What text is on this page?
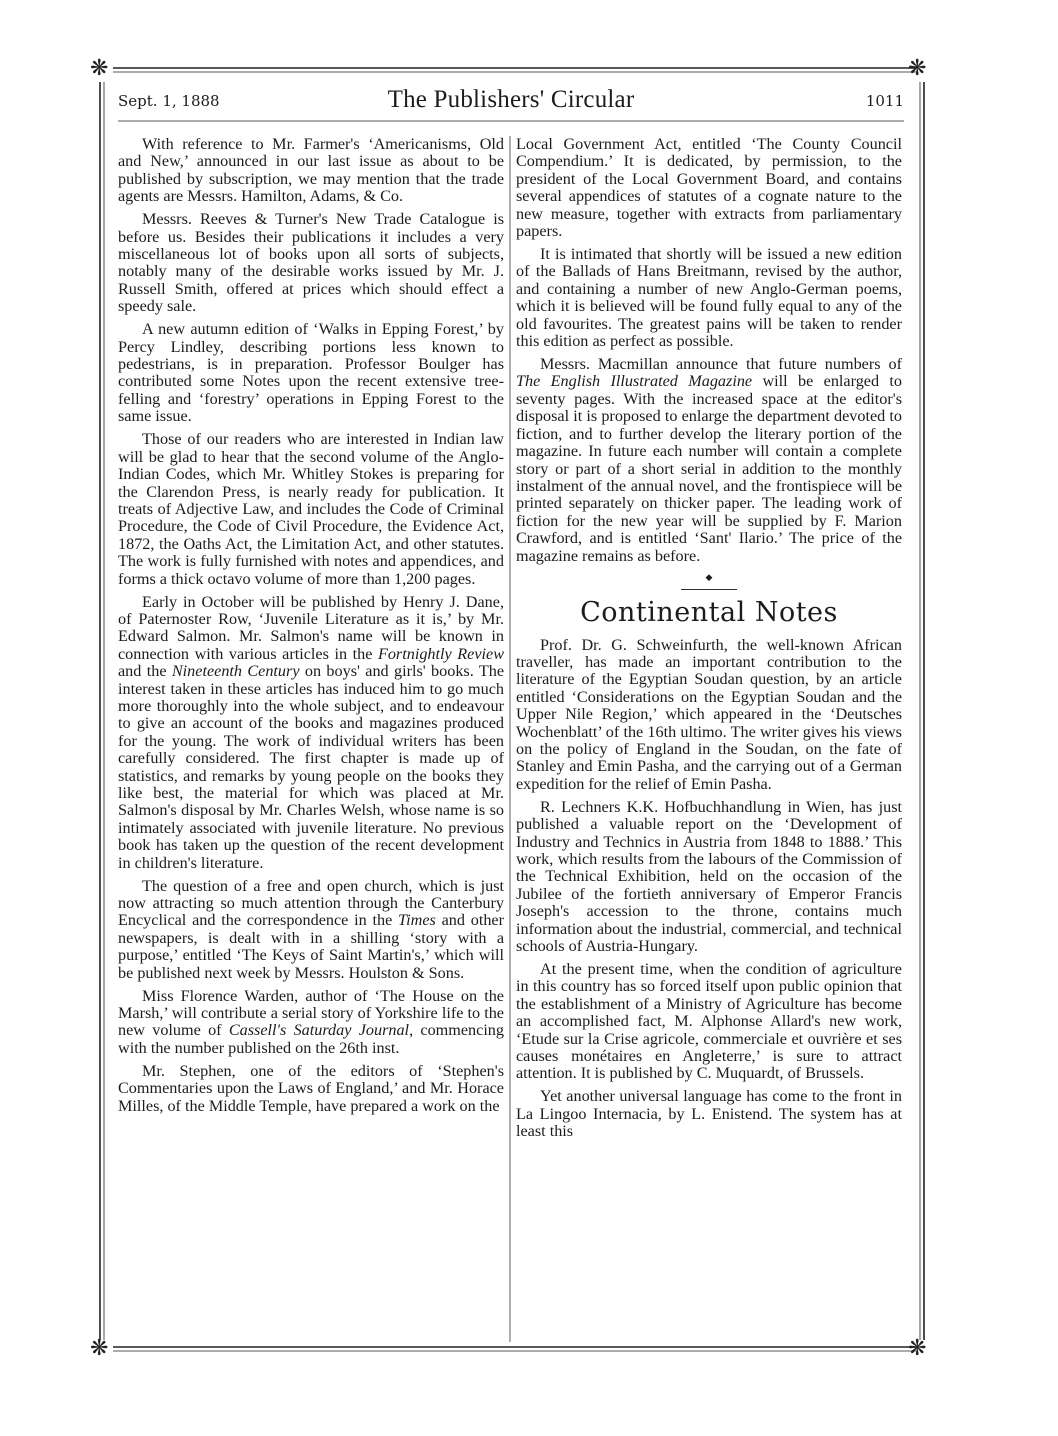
❋	❋
❋	❋
Sept. 1, 1888	The Publishers' Circular	1011

With reference to Mr. Farmer's ‘Americanisms, Old and New,’ announced in our last issue as about to be published by subscription, we may mention that the trade agents are Messrs. Hamilton, Adams, & Co.

Messrs. Reeves & Turner's New Trade Catalogue is before us. Besides their publications it includes a very miscellaneous lot of books upon all sorts of subjects, notably many of the desirable works issued by Mr. J. Russell Smith, offered at prices which should effect a speedy sale.

A new autumn edition of ‘Walks in Epping Forest,’ by Percy Lindley, describing portions less known to pedestrians, is in preparation. Professor Boulger has contributed some Notes upon the recent extensive tree-felling and ‘forestry’ operations in Epping Forest to the same issue.

Those of our readers who are interested in Indian law will be glad to hear that the second volume of the Anglo-Indian Codes, which Mr. Whitley Stokes is preparing for the Clarendon Press, is nearly ready for publication. It treats of Adjective Law, and includes the Code of Criminal Procedure, the Code of Civil Procedure, the Evidence Act, 1872, the Oaths Act, the Limitation Act, and other statutes. The work is fully furnished with notes and appendices, and forms a thick octavo volume of more than 1,200 pages.

Early in October will be published by Henry J. Dane, of Paternoster Row, ‘Juvenile Literature as it is,’ by Mr. Edward Salmon. Mr. Salmon's name will be known in connection with various articles in the Fortnightly Review and the Nineteenth Century on boys' and girls' books. The interest taken in these articles has induced him to go much more thoroughly into the whole subject, and to endeavour to give an account of the books and magazines produced for the young. The work of individual writers has been carefully considered. The first chapter is made up of statistics, and remarks by young people on the books they like best, the material for which was placed at Mr. Salmon's disposal by Mr. Charles Welsh, whose name is so intimately associated with juvenile literature. No previous book has taken up the question of the recent development in children's literature.

The question of a free and open church, which is just now attracting so much attention through the Canterbury Encyclical and the correspondence in the Times and other newspapers, is dealt with in a shilling ‘story with a purpose,’ entitled ‘The Keys of Saint Martin's,’ which will be published next week by Messrs. Houlston & Sons.

Miss Florence Warden, author of ‘The House on the Marsh,’ will contribute a serial story of Yorkshire life to the new volume of Cassell's Saturday Journal, commencing with the number published on the 26th inst.

Mr. Stephen, one of the editors of ‘Stephen's Commentaries upon the Laws of England,’ and Mr. Horace Milles, of the Middle Temple, have prepared a work on the

Local Government Act, entitled ‘The County Council Compendium.’ It is dedicated, by permission, to the president of the Local Government Board, and contains several appendices of statutes of a cognate nature to the new measure, together with extracts from parliamentary papers.

It is intimated that shortly will be issued a new edition of the Ballads of Hans Breitmann, revised by the author, and containing a number of new Anglo-German poems, which it is believed will be found fully equal to any of the old favourites. The greatest pains will be taken to render this edition as perfect as possible.

Messrs. Macmillan announce that future numbers of The English Illustrated Magazine will be enlarged to seventy pages. With the increased space at the editor's disposal it is proposed to enlarge the department devoted to fiction, and to further develop the literary portion of the magazine. In future each number will contain a complete story or part of a short serial in addition to the monthly instalment of the annual novel, and the frontispiece will be printed separately on thicker paper. The leading work of fiction for the new year will be supplied by F. Marion Crawford, and is entitled ‘Sant' Ilario.’ The price of the magazine remains as before.

◆
Continental Notes

Prof. Dr. G. Schweinfurth, the well-known African traveller, has made an important contribution to the literature of the Egyptian Soudan question, by an article entitled ‘Considerations on the Egyptian Soudan and the Upper Nile Region,’ which appeared in the ‘Deutsches Wochenblatt’ of the 16th ultimo. The writer gives his views on the policy of England in the Soudan, on the fate of Stanley and Emin Pasha, and the carrying out of a German expedition for the relief of Emin Pasha.

R. Lechners K.K. Hofbuchhandlung in Wien, has just published a valuable report on the ‘Development of Industry and Technics in Austria from 1848 to 1888.’ This work, which results from the labours of the Commission of the Technical Exhibition, held on the occasion of the Jubilee of the fortieth anniversary of Emperor Francis Joseph's accession to the throne, contains much information about the industrial, commercial, and technical schools of Austria-Hungary.

At the present time, when the condition of agriculture in this country has so forced itself upon public opinion that the establishment of a Ministry of Agriculture has become an accomplished fact, M. Alphonse Allard's new work, ‘Etude sur la Crise agricole, commerciale et ouvrière et ses causes monétaires en Angleterre,’ is sure to attract attention. It is published by C. Muquardt, of Brussels.

Yet another universal language has come to the front in La Lingoo Internacia, by L. Enistend. The system has at least this
